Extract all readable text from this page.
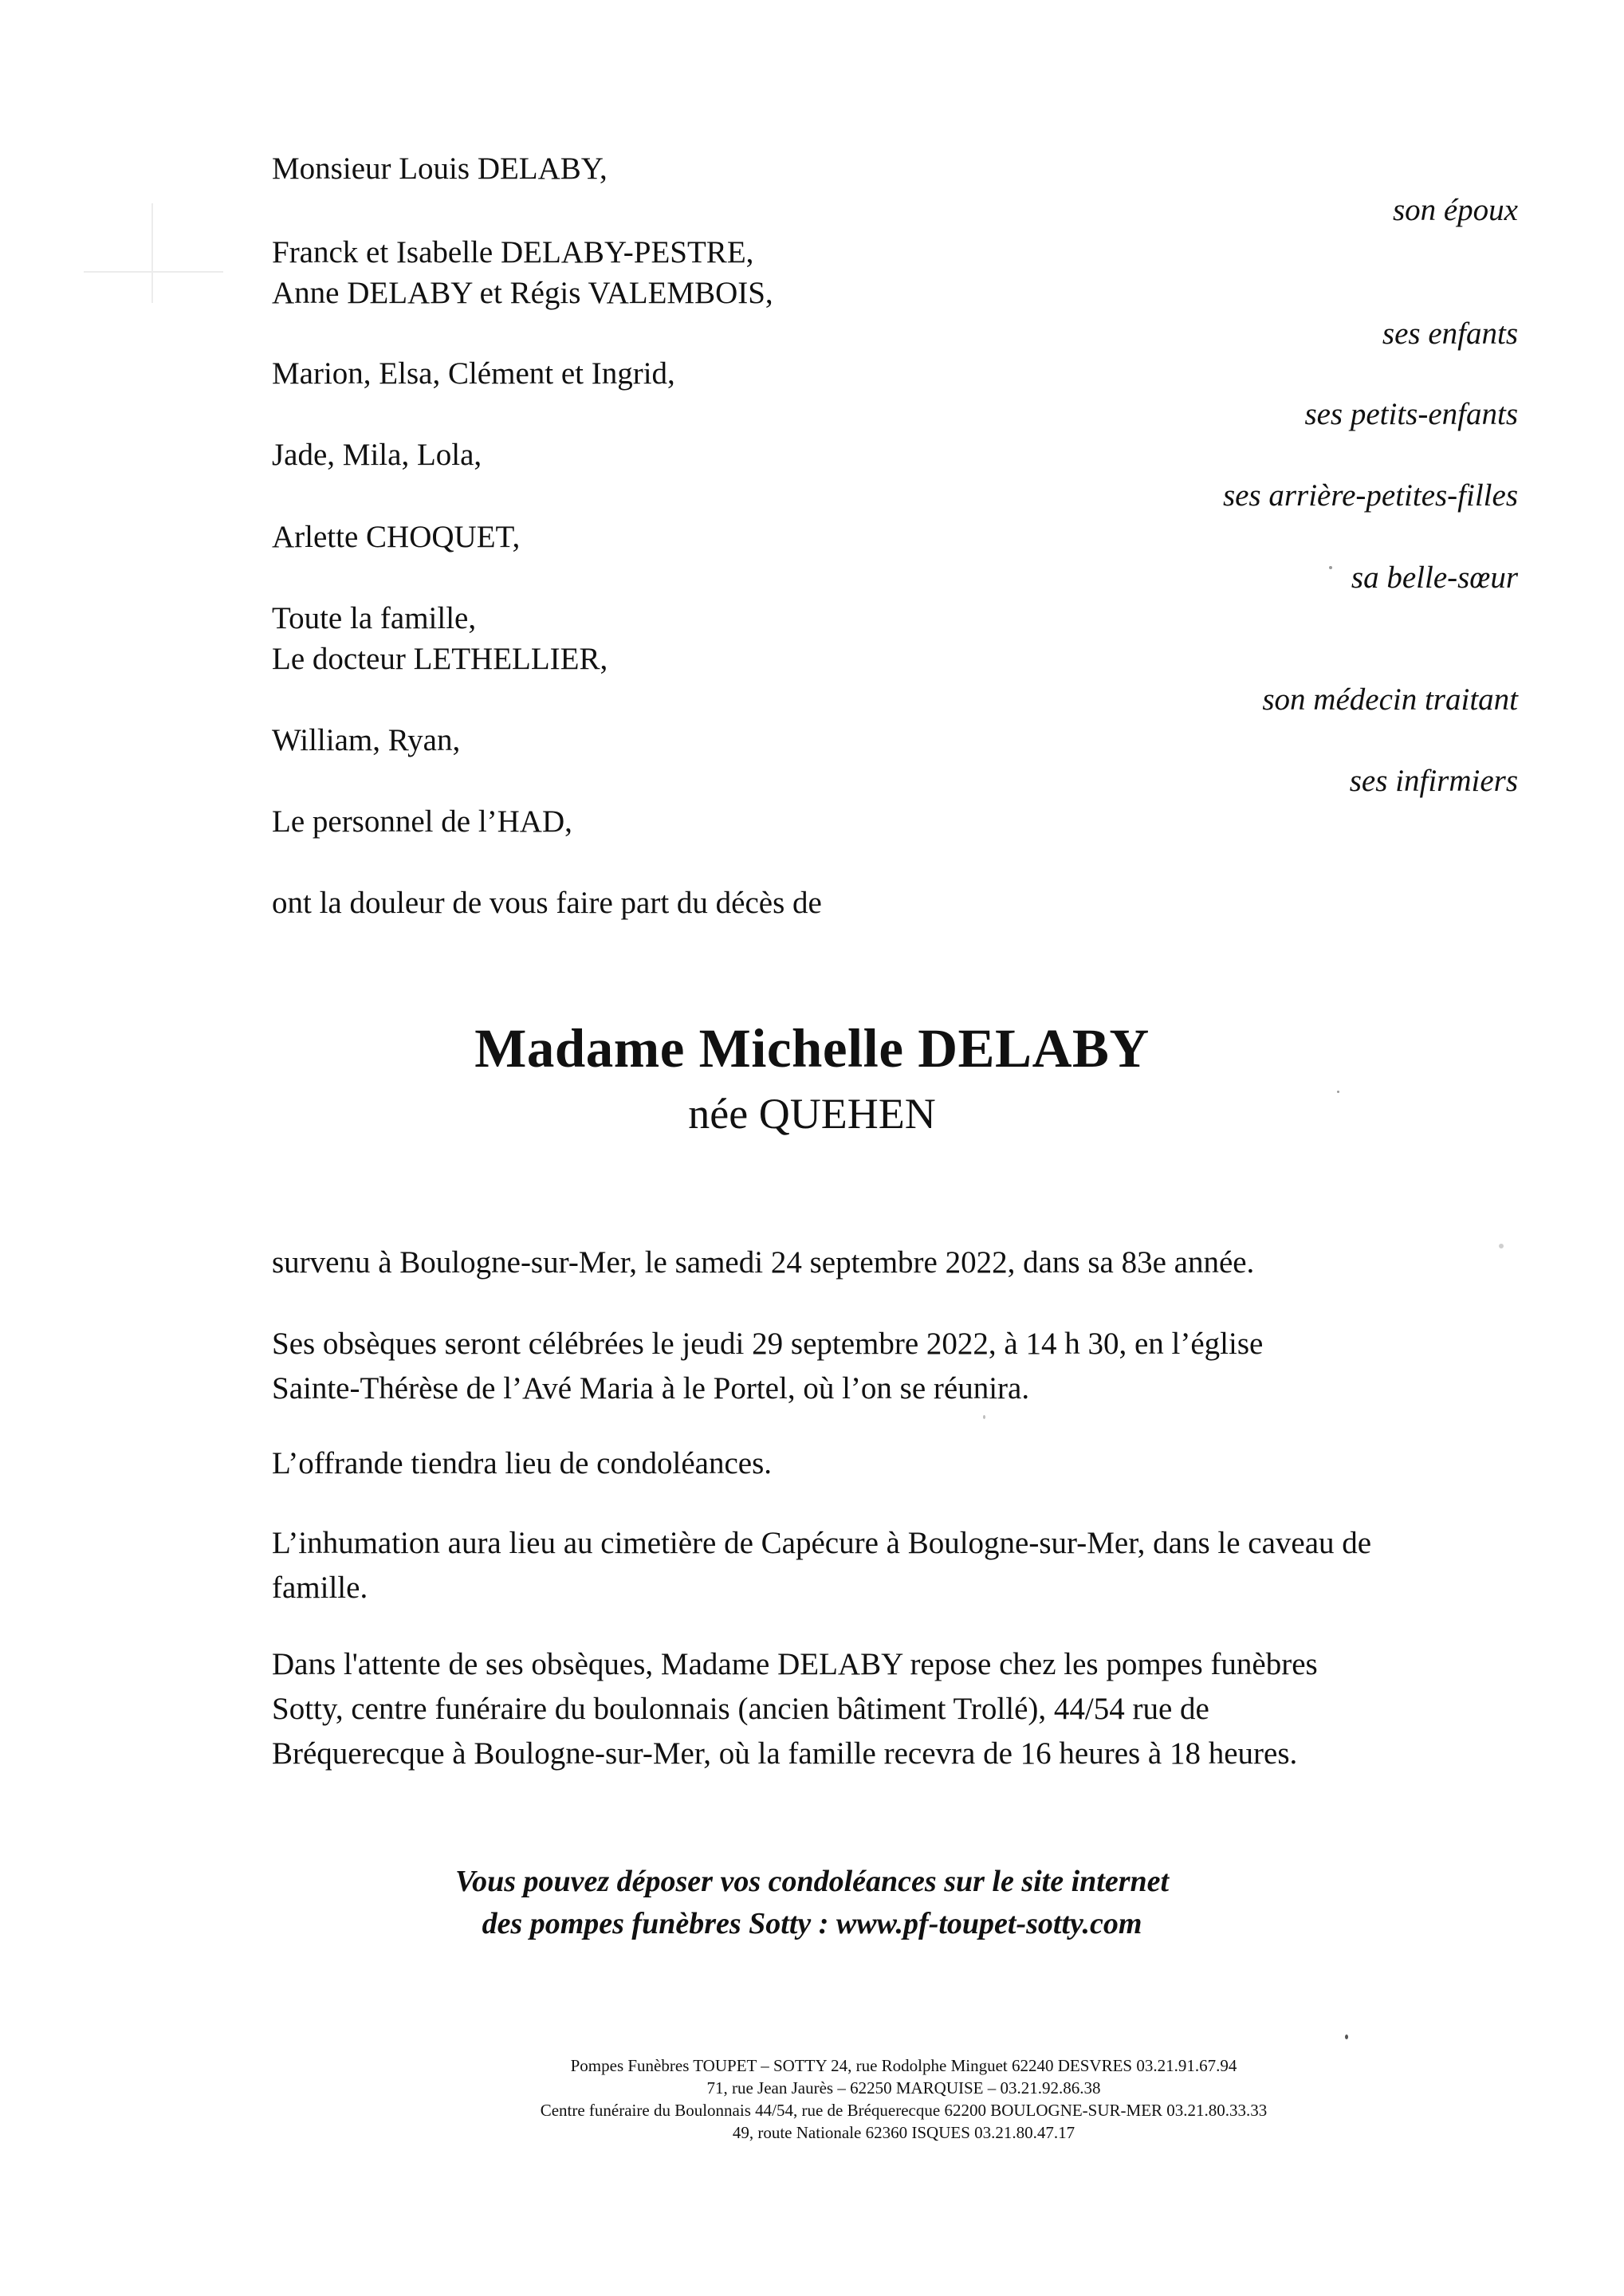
Monsieur Louis DELABY,
son époux
Franck et Isabelle DELABY-PESTRE,
Anne DELABY et Régis VALEMBOIS,
ses enfants
Marion, Elsa, Clément et Ingrid,
ses petits-enfants
Jade, Mila, Lola,
ses arrière-petites-filles
Arlette CHOQUET,
sa belle-sœur
Toute la famille,
Le docteur LETHELLIER,
son médecin traitant
William, Ryan,
ses infirmiers
Le personnel de l’HAD,
ont la douleur de vous faire part du décès de
Madame Michelle DELABY
née QUEHEN
survenu à Boulogne-sur-Mer, le samedi 24 septembre 2022, dans sa 83e année.
Ses obsèques seront célébrées le jeudi 29 septembre 2022, à 14 h 30, en l’église
Sainte-Thérèse de l’Avé Maria à le Portel, où l’on se réunira.
L’offrande tiendra lieu de condoléances.
L’inhumation aura lieu au cimetière de Capécure à Boulogne-sur-Mer, dans le caveau de
famille.
Dans l'attente de ses obsèques, Madame DELABY repose chez les pompes funèbres
Sotty, centre funéraire du boulonnais (ancien bâtiment Trollé), 44/54 rue de
Bréquerecque à Boulogne-sur-Mer, où la famille recevra de 16 heures à 18 heures.
Vous pouvez déposer vos condoléances sur le site internet
des pompes funèbres Sotty : www.pf-toupet-sotty.com
Pompes Funèbres TOUPET – SOTTY 24, rue Rodolphe Minguet 62240 DESVRES 03.21.91.67.94
71, rue Jean Jaurès – 62250 MARQUISE – 03.21.92.86.38
Centre funéraire du Boulonnais 44/54, rue de Bréquerecque 62200 BOULOGNE-SUR-MER 03.21.80.33.33
49, route Nationale 62360 ISQUES 03.21.80.47.17
